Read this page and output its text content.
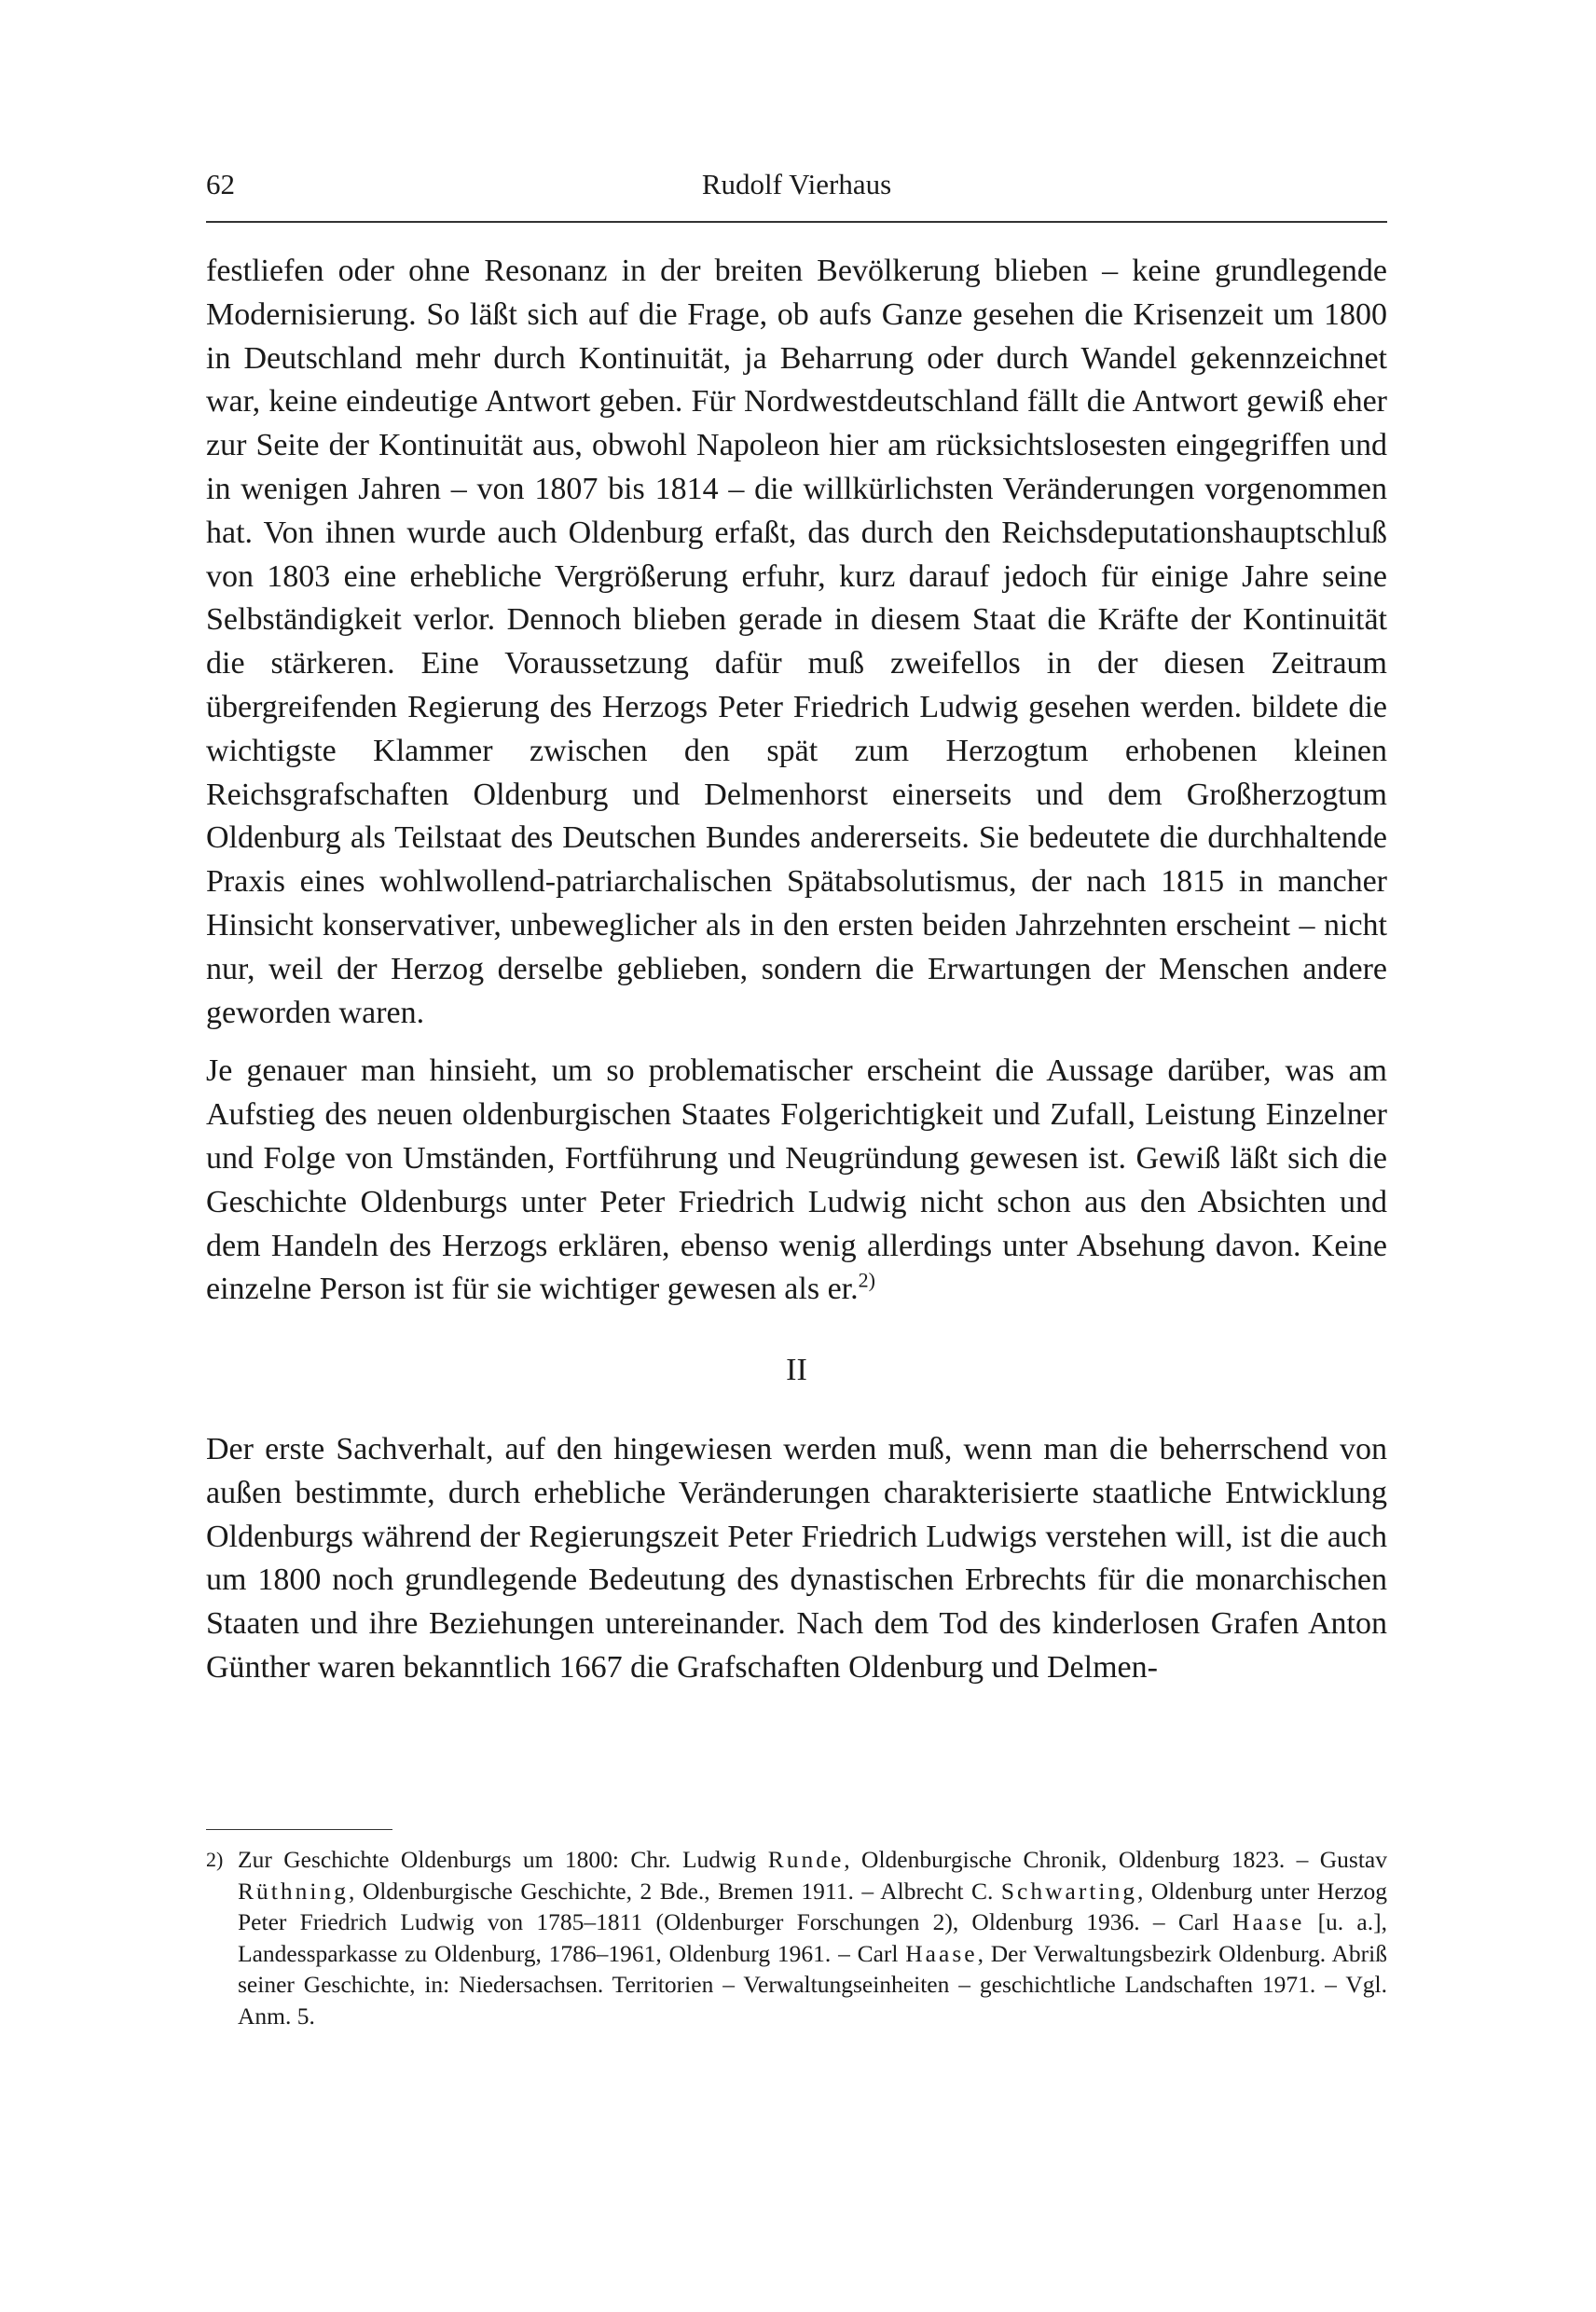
62	Rudolf Vierhaus

festliefen oder ohne Resonanz in der breiten Bevölkerung blieben – keine grundlegende Modernisierung. So läßt sich auf die Frage, ob aufs Ganze gesehen die Krisenzeit um 1800 in Deutschland mehr durch Kontinuität, ja Beharrung oder durch Wandel gekennzeichnet war, keine eindeutige Antwort geben. Für Nordwestdeutschland fällt die Antwort gewiß eher zur Seite der Kontinuität aus, obwohl Napoleon hier am rücksichtslosesten eingegriffen und in wenigen Jahren – von 1807 bis 1814 – die willkürlichsten Veränderungen vorgenommen hat. Von ihnen wurde auch Oldenburg erfaßt, das durch den Reichsdeputationshauptschluß von 1803 eine erhebliche Vergrößerung erfuhr, kurz darauf jedoch für einige Jahre seine Selbständigkeit verlor. Dennoch blieben gerade in diesem Staat die Kräfte der Kontinuität die stärkeren. Eine Voraussetzung dafür muß zweifellos in der diesen Zeitraum übergreifenden Regierung des Herzogs Peter Friedrich Ludwig gesehen werden. bildete die wichtigste Klammer zwischen den spät zum Herzogtum erhobenen kleinen Reichsgrafschaften Oldenburg und Delmenhorst einerseits und dem Großherzogtum Oldenburg als Teilstaat des Deutschen Bundes andererseits. Sie bedeutete die durchhaltende Praxis eines wohlwollend-patriarchalischen Spätabsolutismus, der nach 1815 in mancher Hinsicht konservativer, unbeweglicher als in den ersten beiden Jahrzehnten erscheint – nicht nur, weil der Herzog derselbe geblieben, sondern die Erwartungen der Menschen andere geworden waren.

Je genauer man hinsieht, um so problematischer erscheint die Aussage darüber, was am Aufstieg des neuen oldenburgischen Staates Folgerichtigkeit und Zufall, Leistung Einzelner und Folge von Umständen, Fortführung und Neugründung gewesen ist. Gewiß läßt sich die Geschichte Oldenburgs unter Peter Friedrich Ludwig nicht schon aus den Absichten und dem Handeln des Herzogs erklären, ebenso wenig allerdings unter Absehung davon. Keine einzelne Person ist für sie wichtiger gewesen als er.$^{2)}$

II

Der erste Sachverhalt, auf den hingewiesen werden muß, wenn man die beherrschend von außen bestimmte, durch erhebliche Veränderungen charakterisierte staatliche Entwicklung Oldenburgs während der Regierungszeit Peter Friedrich Ludwigs verstehen will, ist die auch um 1800 noch grundlegende Bedeutung des dynastischen Erbrechts für die monarchischen Staaten und ihre Beziehungen untereinander. Nach dem Tod des kinderlosen Grafen Anton Günther waren bekanntlich 1667 die Grafschaften Oldenburg und Delmen-

2) Zur Geschichte Oldenburgs um 1800: Chr. Ludwig Runde, Oldenburgische Chronik, Oldenburg 1823. – Gustav Rüthning, Oldenburgische Geschichte, 2 Bde., Bremen 1911. – Albrecht C. Schwarting, Oldenburg unter Herzog Peter Friedrich Ludwig von 1785–1811 (Oldenburger Forschungen 2), Oldenburg 1936. – Carl Haase [u. a.], Landessparkasse zu Oldenburg, 1786–1961, Oldenburg 1961. – Carl Haase, Der Verwaltungsbezirk Oldenburg. Abriß seiner Geschichte, in: Niedersachsen. Territorien – Verwaltungseinheiten – geschichtliche Landschaften 1971. – Vgl. Anm. 5.
